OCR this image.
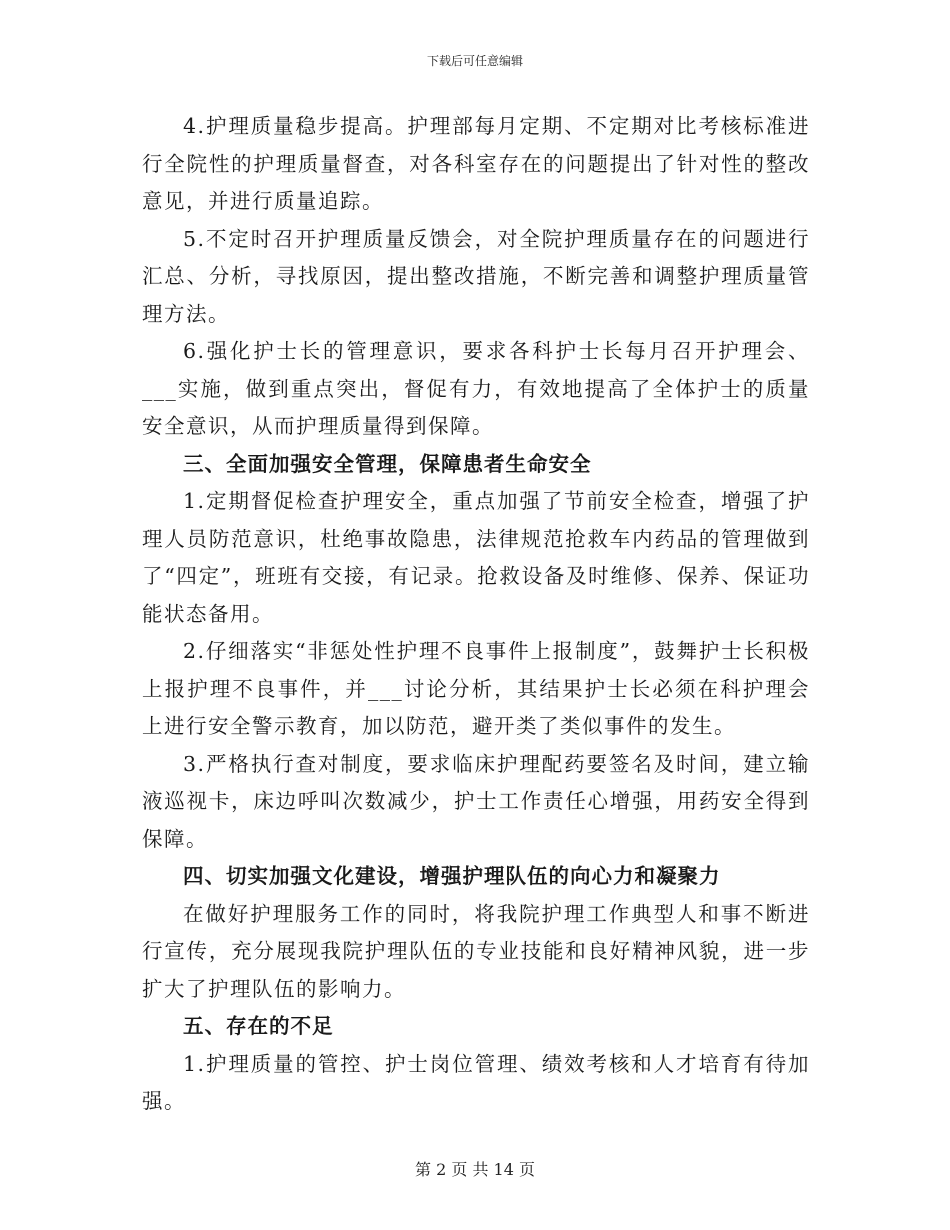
下载后可任意编辑

4.护理质量稳步提高。护理部每月定期、不定期对比考核标准进行全院性的护理质量督查，对各科室存在的问题提出了针对性的整改意见，并进行质量追踪。

5.不定时召开护理质量反馈会，对全院护理质量存在的问题进行汇总、分析，寻找原因，提出整改措施，不断完善和调整护理质量管理方法。

6.强化护士长的管理意识，要求各科护士长每月召开护理会、___实施，做到重点突出，督促有力，有效地提高了全体护士的质量安全意识，从而护理质量得到保障。

三、全面加强安全管理，保障患者生命安全

1.定期督促检查护理安全，重点加强了节前安全检查，增强了护理人员防范意识，杜绝事故隐患，法律规范抢救车内药品的管理做到了“四定”，班班有交接，有记录。抢救设备及时维修、保养、保证功能状态备用。

2.仔细落实“非惩处性护理不良事件上报制度”，鼓舞护士长积极上报护理不良事件，并___讨论分析，其结果护士长必须在科护理会上进行安全警示教育，加以防范，避开类了类似事件的发生。

3.严格执行查对制度，要求临床护理配药要签名及时间，建立输液巡视卡，床边呼叫次数减少，护士工作责任心增强，用药安全得到保障。

四、切实加强文化建设，增强护理队伍的向心力和凝聚力

在做好护理服务工作的同时，将我院护理工作典型人和事不断进行宣传，充分展现我院护理队伍的专业技能和良好精神风貌，进一步扩大了护理队伍的影响力。

五、存在的不足

1.护理质量的管控、护士岗位管理、绩效考核和人才培育有待加强。

第 2 页 共 14 页
